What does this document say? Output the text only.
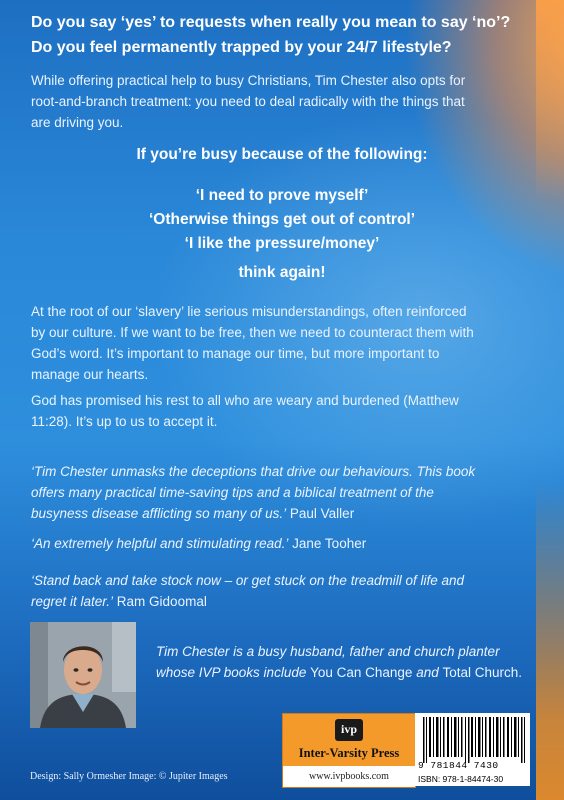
Do you say ‘yes’ to requests when really you mean to say ‘no’?
Do you feel permanently trapped by your 24/7 lifestyle?
While offering practical help to busy Christians, Tim Chester also opts for
root-and-branch treatment: you need to deal radically with the things that
are driving you.
If you’re busy because of the following:
‘I need to prove myself’
‘Otherwise things get out of control’
‘I like the pressure/money’
think again!
At the root of our ‘slavery’ lie serious misunderstandings, often reinforced
by our culture. If we want to be free, then we need to counteract them with
God’s word. It’s important to manage our time, but more important to
manage our hearts.
God has promised his rest to all who are weary and burdened (Matthew
11:28). It’s up to us to accept it.
‘Tim Chester unmasks the deceptions that drive our behaviours. This book
offers many practical time-saving tips and a biblical treatment of the
busyness disease afflicting so many of us.’ Paul Valler
‘An extremely helpful and stimulating read.’ Jane Tooher
‘Stand back and take stock now – or get stuck on the treadmill of life and
regret it later.’ Ram Gidoomal
Tim Chester is a busy husband, father and church planter
whose IVP books include You Can Change and Total Church.
ivp
Inter-Varsity Press
www.ivpbooks.com
9 781844 7430
ISBN: 978-1-84474-30
Design: Sally Ormesher Image: © Jupiter Images
